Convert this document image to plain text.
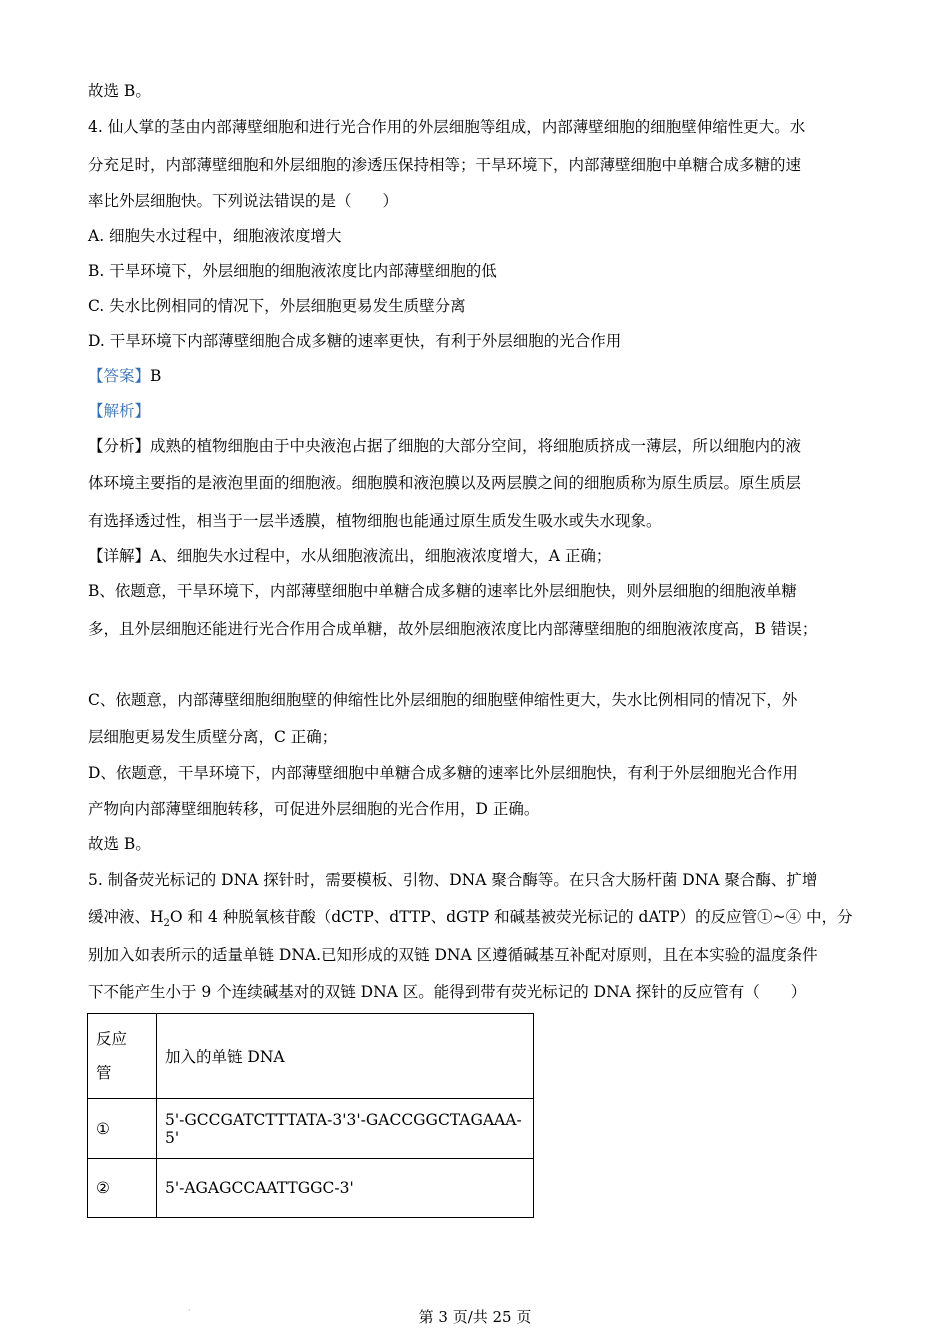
故选 B。
4. 仙人掌的茎由内部薄壁细胞和进行光合作用的外层细胞等组成，内部薄壁细胞的细胞壁伸缩性更大。水
分充足时，内部薄壁细胞和外层细胞的渗透压保持相等；干旱环境下，内部薄壁细胞中单糖合成多糖的速
率比外层细胞快。下列说法错误的是（　　）
A. 细胞失水过程中，细胞液浓度增大
B. 干旱环境下，外层细胞的细胞液浓度比内部薄壁细胞的低
C. 失水比例相同的情况下，外层细胞更易发生质壁分离
D. 干旱环境下内部薄壁细胞合成多糖的速率更快，有利于外层细胞的光合作用
【答案】B
【解析】
【分析】成熟的植物细胞由于中央液泡占据了细胞的大部分空间，将细胞质挤成一薄层，所以细胞内的液
体环境主要指的是液泡里面的细胞液。细胞膜和液泡膜以及两层膜之间的细胞质称为原生质层。原生质层
有选择透过性，相当于一层半透膜，植物细胞也能通过原生质发生吸水或失水现象。
【详解】A、细胞失水过程中，水从细胞液流出，细胞液浓度增大，A 正确；
B、依题意，干旱环境下，内部薄壁细胞中单糖合成多糖的速率比外层细胞快，则外层细胞的细胞液单糖
多，且外层细胞还能进行光合作用合成单糖，故外层细胞液浓度比内部薄壁细胞的细胞液浓度高，B 错误；
C、依题意，内部薄壁细胞细胞壁的伸缩性比外层细胞的细胞壁伸缩性更大，失水比例相同的情况下，外
层细胞更易发生质壁分离，C 正确；
D、依题意，干旱环境下，内部薄壁细胞中单糖合成多糖的速率比外层细胞快，有利于外层细胞光合作用
产物向内部薄壁细胞转移，可促进外层细胞的光合作用，D 正确。
故选 B。
5. 制备荧光标记的 DNA 探针时，需要模板、引物、DNA 聚合酶等。在只含大肠杆菌 DNA 聚合酶、扩增
缓冲液、$H_2O$ 和 4 种脱氧核苷酸（dCTP、dTTP、dGTP 和碱基被荧光标记的 dATP）的反应管①~④ 中，分
别加入如表所示的适量单链 DNA.已知形成的双链 DNA 区遵循碱基互补配对原则，且在本实验的温度条件
下不能产生小于 9 个连续碱基对的双链 DNA 区。能得到带有荧光标记的 DNA 探针的反应管有（　　）
反应
管	加入的单链 DNA
①	5'-GCCGATCTTTATA-3'3'-GACCGGCTAGAAA-5'
②	5'-AGAGCCAATTGGC-3'
·	第 3 页/共 25 页
